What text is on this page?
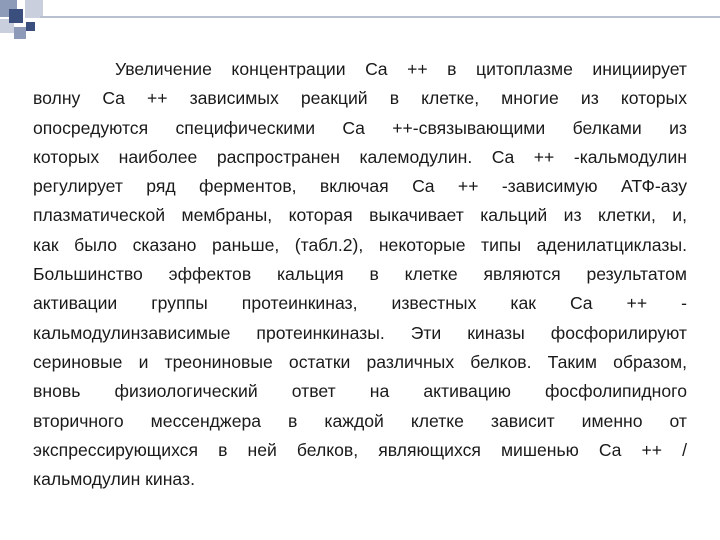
Увеличение концентрации Ca ++ в цитоплазме инициирует
волну Ca ++ зависимых реакций в клетке, многие из которых
опосредуются специфическими Ca ++-связывающими белками из
которых наиболее распространен калемодулин. Ca ++ -кальмодулин
регулирует ряд ферментов, включая Ca ++ -зависимую АТФ-азу
плазматической мембраны, которая выкачивает кальций из клетки, и,
как было сказано раньше, (табл.2), некоторые типы аденилатциклазы.
Большинство эффектов кальция в клетке являются результатом
активации группы протеинкиназ, известных как Ca ++ -
кальмодулинзависимые протеинкиназы. Эти киназы фосфорилируют
сериновые и треониновые остатки различных белков. Таким образом,
вновь физиологический ответ на активацию фосфолипидного
вторичного мессенджера в каждой клетке зависит именно от
экспрессирующихся в ней белков, являющихся мишенью Ca ++ /
кальмодулин киназ.
